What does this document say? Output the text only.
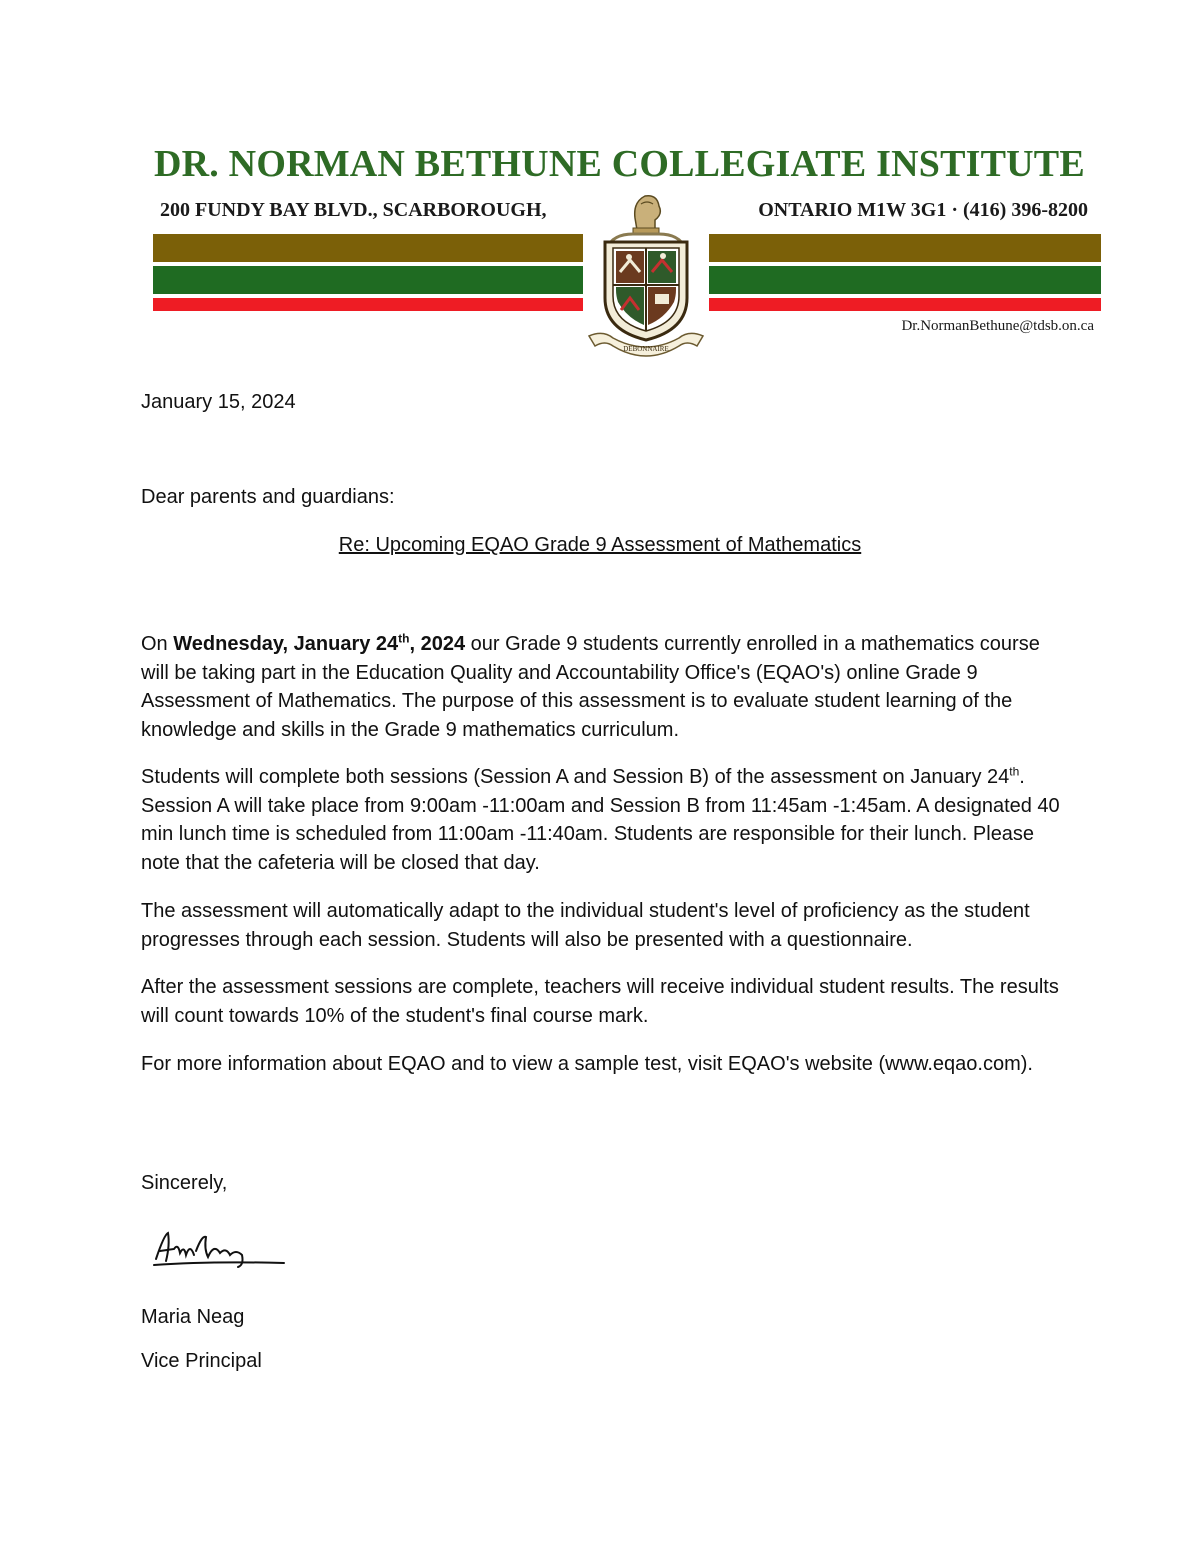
DR. NORMAN BETHUNE COLLEGIATE INSTITUTE
200 FUNDY BAY BLVD., SCARBOROUGH,	ONTARIO M1W 3G1 · (416) 396-8200
DEBONNAIRE
Dr.NormanBethune@tdsb.on.ca
January 15, 2024
Dear parents and guardians:
Re: Upcoming EQAO Grade 9 Assessment of Mathematics

On Wednesday, January 24th, 2024 our Grade 9 students currently enrolled in a mathematics course will be taking part in the Education Quality and Accountability Office's (EQAO's) online Grade 9 Assessment of Mathematics. The purpose of this assessment is to evaluate student learning of the knowledge and skills in the Grade 9 mathematics curriculum.

Students will complete both sessions (Session A and Session B) of the assessment on January 24th. Session A will take place from 9:00am -11:00am and Session B from 11:45am -1:45am. A designated 40 min lunch time is scheduled from 11:00am -11:40am. Students are responsible for their lunch. Please note that the cafeteria will be closed that day.

The assessment will automatically adapt to the individual student's level of proficiency as the student progresses through each session. Students will also be presented with a questionnaire.

After the assessment sessions are complete, teachers will receive individual student results. The results will count towards 10% of the student's final course mark.

For more information about EQAO and to view a sample test, visit EQAO's website (www.eqao.com).

Sincerely,
Maria Neag
Vice Principal
